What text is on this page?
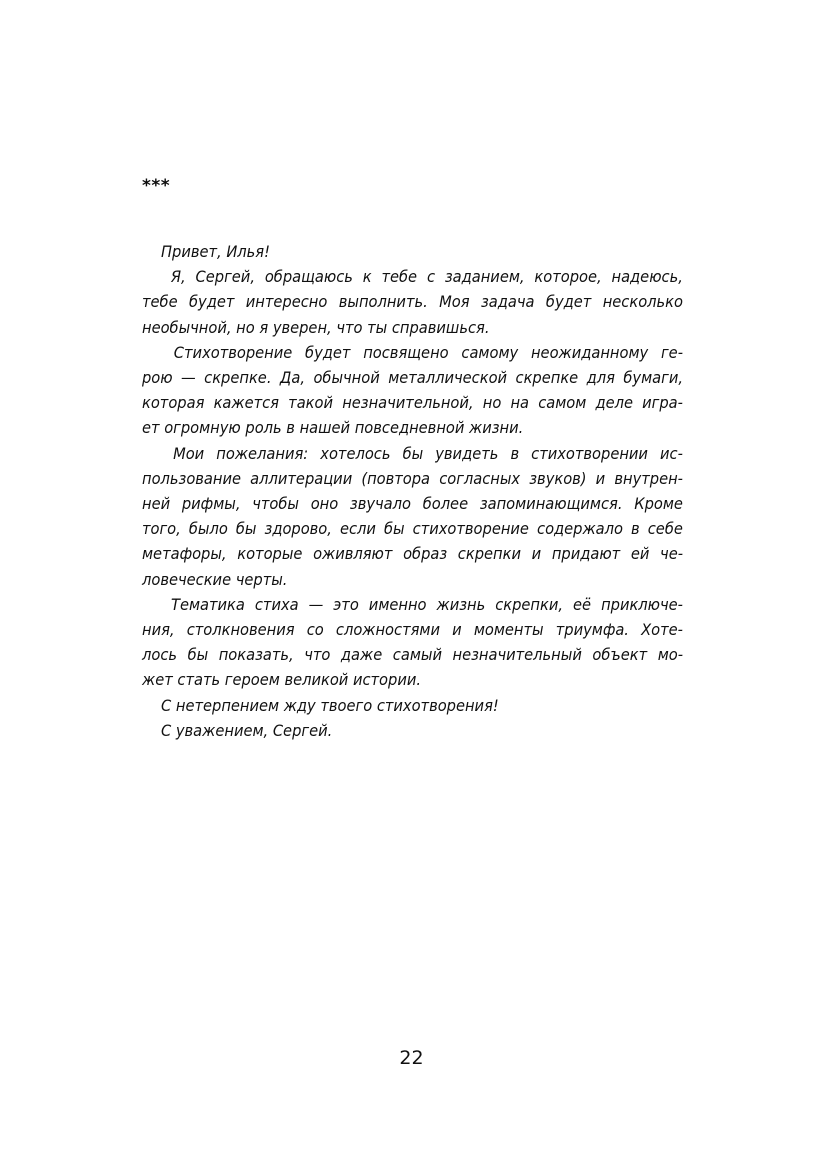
***

Привет, Илья!

Я, Сергей, обращаюсь к тебе с заданием, которое, надеюсь,
тебе будет интересно выполнить. Моя задача будет несколько
необычной, но я уверен, что ты справишься.

Стихотворение будет посвящено самому неожиданному ге-
рою — скрепке. Да, обычной металлической скрепке для бумаги,
которая кажется такой незначительной, но на самом деле игра-
ет огромную роль в нашей повседневной жизни.

Мои пожелания: хотелось бы увидеть в стихотворении ис-
пользование аллитерации (повтора согласных звуков) и внутрен-
ней рифмы, чтобы оно звучало более запоминающимся. Кроме
того, было бы здорово, если бы стихотворение содержало в себе
метафоры, которые оживляют образ скрепки и придают ей че-
ловеческие черты.

Тематика стиха — это именно жизнь скрепки, её приключе-
ния, столкновения со сложностями и моменты триумфа. Хоте-
лось бы показать, что даже самый незначительный объект мо-
жет стать героем великой истории.

С нетерпением жду твоего стихотворения!

С уважением, Сергей.

22
